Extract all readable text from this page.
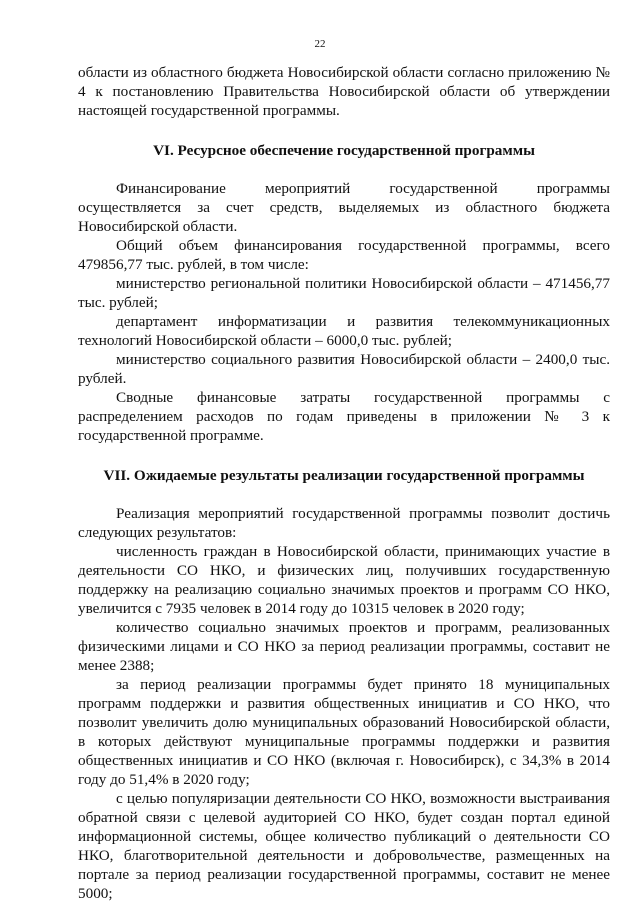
22

области из областного бюджета Новосибирской области согласно приложению № 4 к постановлению Правительства Новосибирской области об утверждении настоящей государственной программы.

VI. Ресурсное обеспечение государственной программы

Финансирование мероприятий государственной программы осуществляется за счет средств, выделяемых из областного бюджета Новосибирской области.

Общий объем финансирования государственной программы, всего 479856,77 тыс. рублей, в том числе:

министерство региональной политики Новосибирской области – 471456,77 тыс. рублей;

департамент информатизации и развития телекоммуникационных технологий Новосибирской области – 6000,0 тыс. рублей;

министерство социального развития Новосибирской области – 2400,0 тыс. рублей.

Сводные финансовые затраты государственной программы с распределением расходов по годам приведены в приложении № 3 к государственной программе.

VII. Ожидаемые результаты реализации государственной программы

Реализация мероприятий государственной программы позволит достичь следующих результатов:

численность граждан в Новосибирской области, принимающих участие в деятельности СО НКО, и физических лиц, получивших государственную поддержку на реализацию социально значимых проектов и программ СО НКО, увеличится с 7935 человек в 2014 году до 10315 человек в 2020 году;

количество социально значимых проектов и программ, реализованных физическими лицами и СО НКО за период реализации программы, составит не менее 2388;

за период реализации программы будет принято 18 муниципальных программ поддержки и развития общественных инициатив и СО НКО, что позволит увеличить долю муниципальных образований Новосибирской области, в которых действуют муниципальные программы поддержки и развития общественных инициатив и СО НКО (включая г. Новосибирск), с 34,3% в 2014 году до 51,4% в 2020 году;

с целью популяризации деятельности СО НКО, возможности выстраивания обратной связи с целевой аудиторией СО НКО, будет создан портал единой информационной системы, общее количество публикаций о деятельности СО НКО, благотворительной деятельности и добровольчестве, размещенных на портале за период реализации государственной программы, составит не менее 5000;
